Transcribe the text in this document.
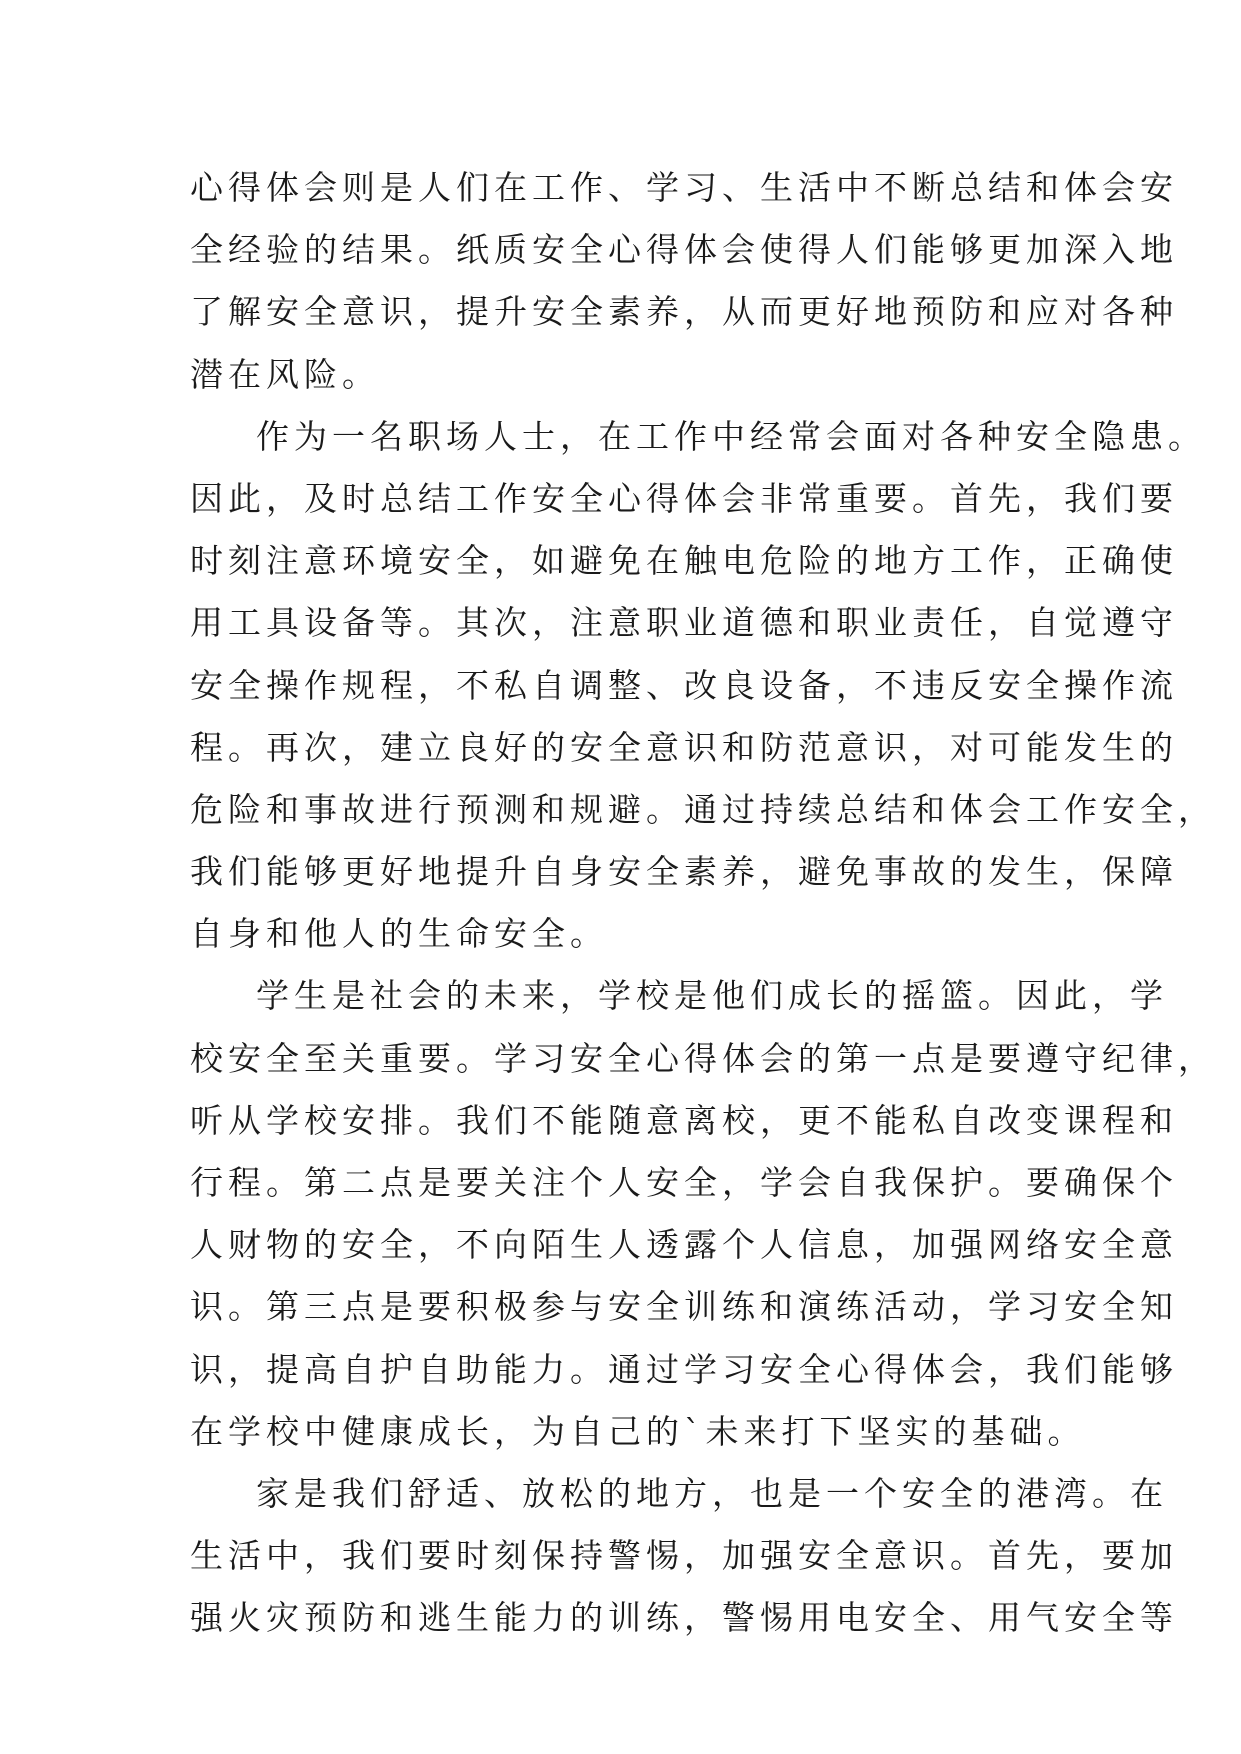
心得体会则是人们在工作、学习、生活中不断总结和体会安
全经验的结果。纸质安全心得体会使得人们能够更加深入地
了解安全意识，提升安全素养，从而更好地预防和应对各种
潜在风险。
作为一名职场人士，在工作中经常会面对各种安全隐患。
因此，及时总结工作安全心得体会非常重要。首先，我们要
时刻注意环境安全，如避免在触电危险的地方工作，正确使
用工具设备等。其次，注意职业道德和职业责任，自觉遵守
安全操作规程，不私自调整、改良设备，不违反安全操作流
程。再次，建立良好的安全意识和防范意识，对可能发生的
危险和事故进行预测和规避。通过持续总结和体会工作安全，
我们能够更好地提升自身安全素养，避免事故的发生，保障
自身和他人的生命安全。
学生是社会的未来，学校是他们成长的摇篮。因此，学
校安全至关重要。学习安全心得体会的第一点是要遵守纪律，
听从学校安排。我们不能随意离校，更不能私自改变课程和
行程。第二点是要关注个人安全，学会自我保护。要确保个
人财物的安全，不向陌生人透露个人信息，加强网络安全意
识。第三点是要积极参与安全训练和演练活动，学习安全知
识，提高自护自助能力。通过学习安全心得体会，我们能够
在学校中健康成长，为自己的`未来打下坚实的基础。
家是我们舒适、放松的地方，也是一个安全的港湾。在
生活中，我们要时刻保持警惕，加强安全意识。首先，要加
强火灾预防和逃生能力的训练，警惕用电安全、用气安全等
